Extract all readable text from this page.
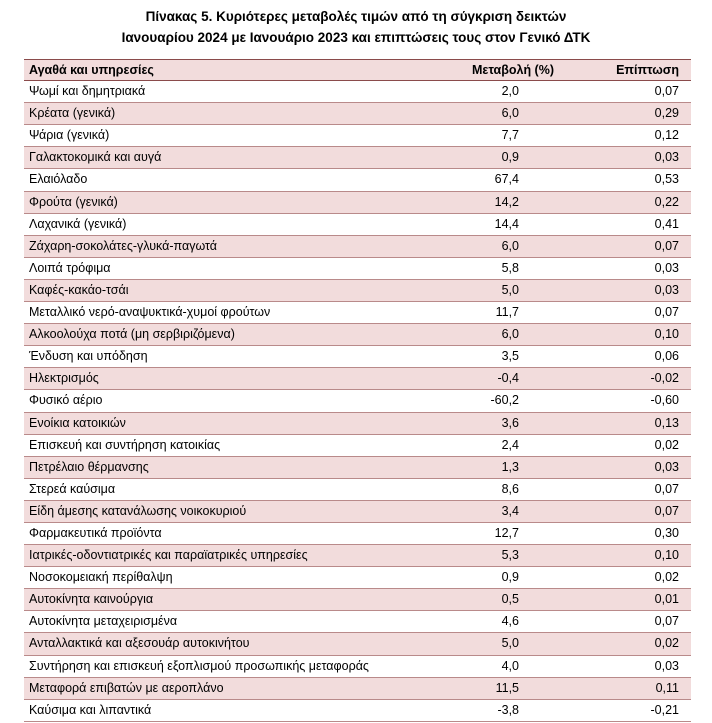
Πίνακας 5. Κυριότερες μεταβολές τιμών από τη σύγκριση δεικτών
Ιανουαρίου 2024 με Ιανουάριο 2023 και επιπτώσεις τους στον Γενικό ΔΤΚ
Αγαθά και υπηρεσίες	Μεταβολή (%)	Επίπτωση
Ψωμί και δημητριακά	2,0	0,07
Κρέατα (γενικά)	6,0	0,29
Ψάρια (γενικά)	7,7	0,12
Γαλακτοκομικά και αυγά	0,9	0,03
Ελαιόλαδο	67,4	0,53
Φρούτα (γενικά)	14,2	0,22
Λαχανικά (γενικά)	14,4	0,41
Ζάχαρη-σοκολάτες-γλυκά-παγωτά	6,0	0,07
Λοιπά τρόφιμα	5,8	0,03
Καφές-κακάο-τσάι	5,0	0,03
Μεταλλικό νερό-αναψυκτικά-χυμοί φρούτων	11,7	0,07
Αλκοολούχα ποτά (μη σερβιριζόμενα)	6,0	0,10
Ένδυση και υπόδηση	3,5	0,06
Ηλεκτρισμός	-0,4	-0,02
Φυσικό αέριο	-60,2	-0,60
Ενοίκια κατοικιών	3,6	0,13
Επισκευή και συντήρηση κατοικίας	2,4	0,02
Πετρέλαιο θέρμανσης	1,3	0,03
Στερεά καύσιμα	8,6	0,07
Είδη άμεσης κατανάλωσης νοικοκυριού	3,4	0,07
Φαρμακευτικά προϊόντα	12,7	0,30
Ιατρικές-οδοντιατρικές και παραϊατρικές υπηρεσίες	5,3	0,10
Νοσοκομειακή περίθαλψη	0,9	0,02
Αυτοκίνητα καινούργια	0,5	0,01
Αυτοκίνητα μεταχειρισμένα	4,6	0,07
Ανταλλακτικά και αξεσουάρ αυτοκινήτου	5,0	0,02
Συντήρηση και επισκευή εξοπλισμού προσωπικής μεταφοράς	4,0	0,03
Μεταφορά επιβατών με αεροπλάνο	11,5	0,11
Καύσιμα και λιπαντικά	-3,8	-0,21
